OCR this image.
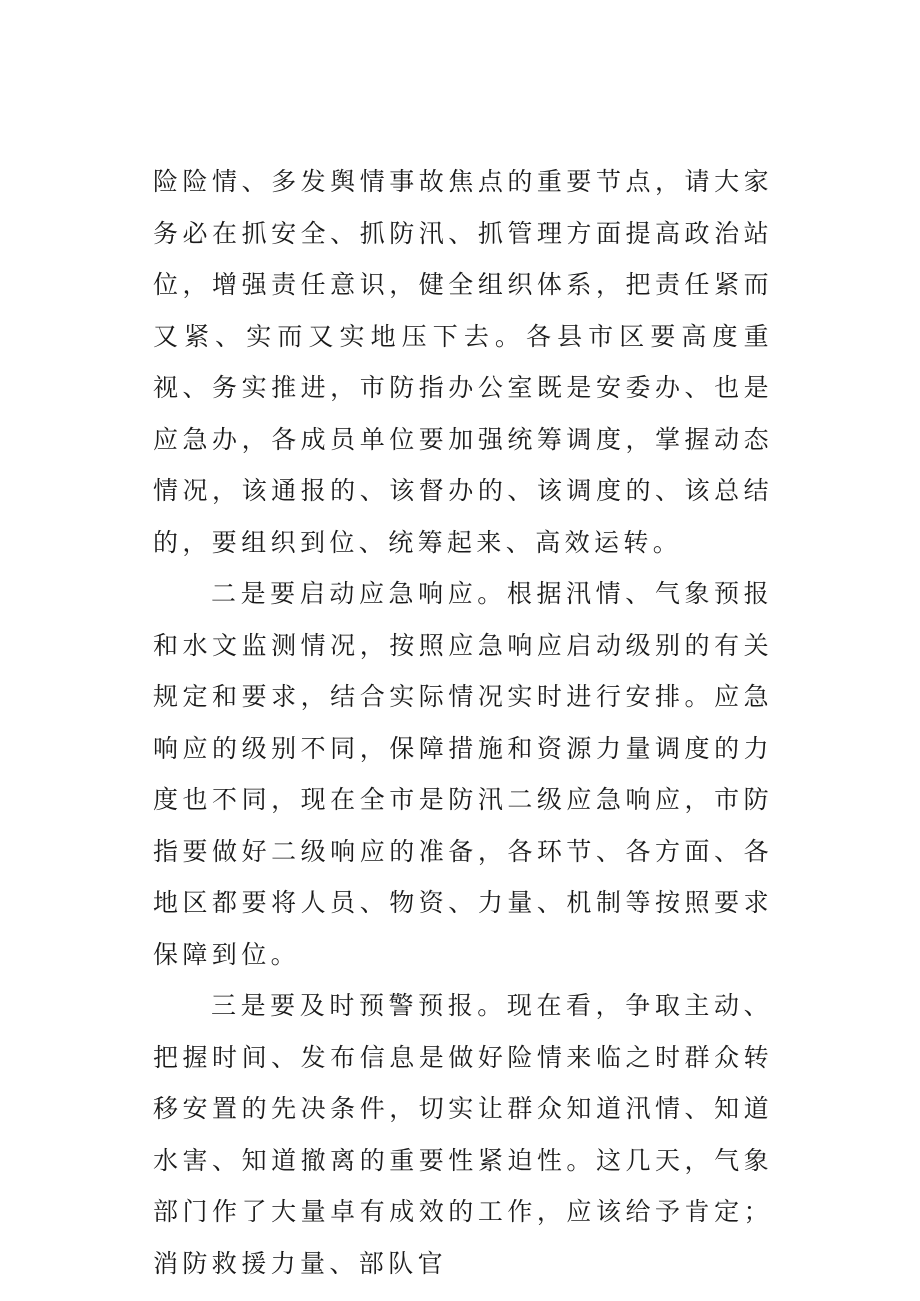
险险情、多发舆情事故焦点的重要节点，请大家务必在抓安全、抓防汛、抓管理方面提高政治站位，增强责任意识，健全组织体系，把责任紧而又紧、实而又实地压下去。各县市区要高度重视、务实推进，市防指办公室既是安委办、也是应急办，各成员单位要加强统筹调度，掌握动态情况，该通报的、该督办的、该调度的、该总结的，要组织到位、统筹起来、高效运转。

二是要启动应急响应。根据汛情、气象预报和水文监测情况，按照应急响应启动级别的有关规定和要求，结合实际情况实时进行安排。应急响应的级别不同，保障措施和资源力量调度的力度也不同，现在全市是防汛二级应急响应，市防指要做好二级响应的准备，各环节、各方面、各地区都要将人员、物资、力量、机制等按照要求保障到位。

三是要及时预警预报。现在看，争取主动、把握时间、发布信息是做好险情来临之时群众转移安置的先决条件，切实让群众知道汛情、知道水害、知道撤离的重要性紧迫性。这几天，气象部门作了大量卓有成效的工作，应该给予肯定；消防救援力量、部队官
